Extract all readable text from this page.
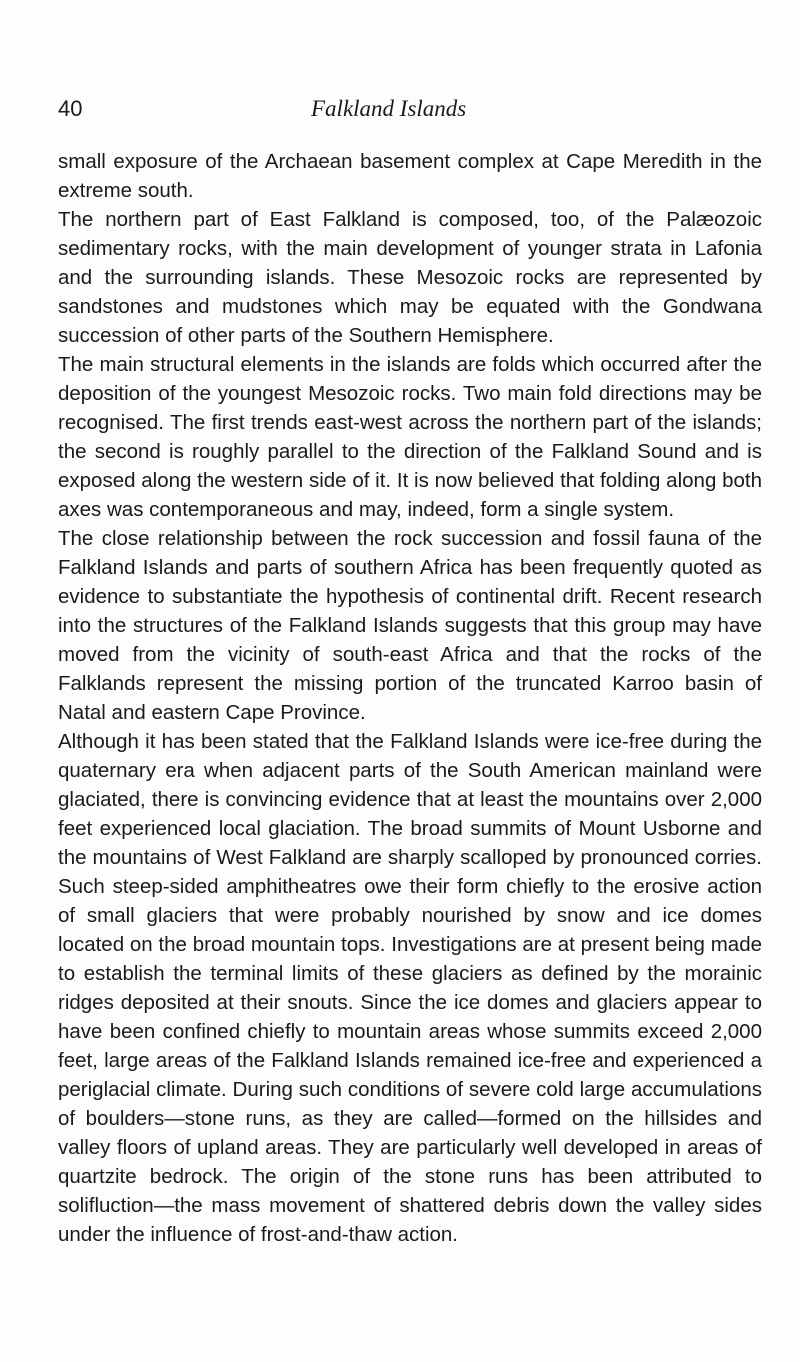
40	Falkland Islands

small exposure of the Archaean basement complex at Cape Meredith in the extreme south.

The northern part of East Falkland is composed, too, of the Palæozoic sedimentary rocks, with the main development of younger strata in Lafonia and the surrounding islands. These Mesozoic rocks are represented by sandstones and mudstones which may be equated with the Gondwana succession of other parts of the Southern Hemisphere.

The main structural elements in the islands are folds which occurred after the deposition of the youngest Mesozoic rocks. Two main fold directions may be recognised. The first trends east-west across the northern part of the islands; the second is roughly parallel to the direction of the Falkland Sound and is exposed along the western side of it. It is now believed that folding along both axes was contemporaneous and may, indeed, form a single system.

The close relationship between the rock succession and fossil fauna of the Falkland Islands and parts of southern Africa has been frequently quoted as evidence to substantiate the hypothesis of continental drift. Recent research into the structures of the Falkland Islands suggests that this group may have moved from the vicinity of south-east Africa and that the rocks of the Falklands represent the missing portion of the truncated Karroo basin of Natal and eastern Cape Province.

Although it has been stated that the Falkland Islands were ice-free during the quaternary era when adjacent parts of the South American mainland were glaciated, there is convincing evidence that at least the mountains over 2,000 feet experienced local glaciation. The broad summits of Mount Usborne and the mountains of West Falkland are sharply scalloped by pronounced corries. Such steep-sided amphitheatres owe their form chiefly to the erosive action of small glaciers that were probably nourished by snow and ice domes located on the broad mountain tops. Investigations are at present being made to establish the terminal limits of these glaciers as defined by the morainic ridges deposited at their snouts. Since the ice domes and glaciers appear to have been confined chiefly to mountain areas whose summits exceed 2,000 feet, large areas of the Falkland Islands remained ice-free and experienced a periglacial climate. During such conditions of severe cold large accumulations of boulders—stone runs, as they are called—formed on the hillsides and valley floors of upland areas. They are particularly well developed in areas of quartzite bedrock. The origin of the stone runs has been attributed to solifluction—the mass movement of shattered debris down the valley sides under the influence of frost-and-thaw action.
